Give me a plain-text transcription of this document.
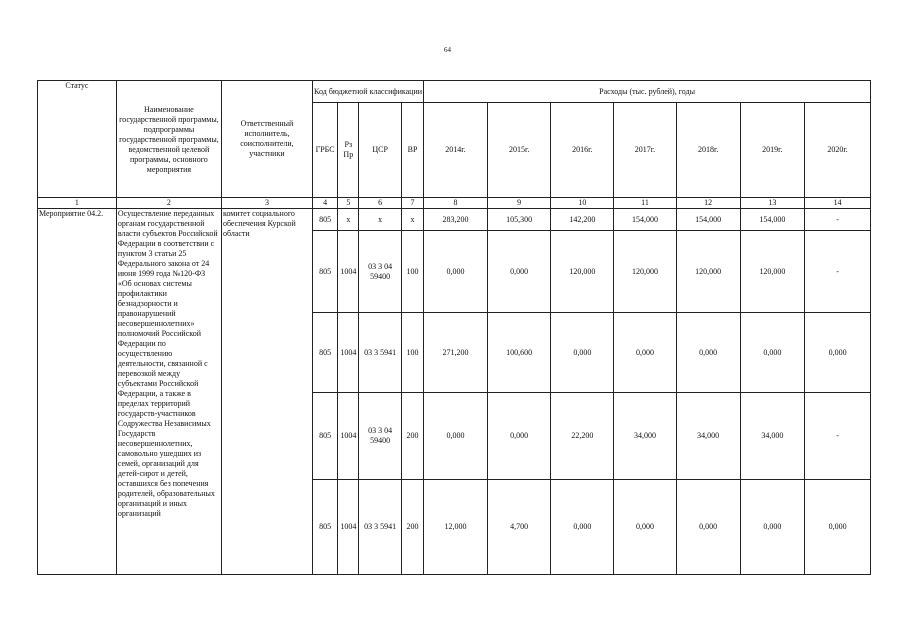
64
Статус	Наименование государственной программы, подпрограммы государственной программы, ведомственной целевой программы, основного мероприятия	Ответственный исполнитель, соисполнители, участники	Код бюджетной классификации				Расходы (тыс. рублей), годы						
			ГРБС	Рз Пр	ЦСР	ВР	2014г.	2015г.	2016г.	2017г.	2018г.	2019г.	2020г.
1	2	3	4	5	6	7	8	9	10	11	12	13	14
Мероприятие 04.2.	Осуществление переданных органам государственной власти субъектов Российской Федерации в соответствии с пунктом 3 статьи 25 Федерального закона от 24 июня 1999 года №120-ФЗ «Об основах системы профилактики безнадзорности и правонарушений несовершеннолетних» полномочий Российской Федерации по осуществлению деятельности, связанной с перевозкой между субъектами Российской Федерации, а также в пределах территорий государств-участников Содружества Независимых Государств несовершеннолетних, самовольно ушедших из семей, организаций для детей-сирот и детей, оставшихся без попечения родителей, образовательных организаций и иных организаций	комитет социального обеспечения Курской области	805	х	х	х	283,200	105,300	142,200	154,000	154,000	154,000	-
			805	1004	03 3 04 59400	100	0,000	0,000	120,000	120,000	120,000	120,000	-
			805	1004	03 3 5941	100	271,200	100,600	0,000	0,000	0,000	0,000	0,000
			805	1004	03 3 04 59400	200	0,000	0,000	22,200	34,000	34,000	34,000	-
			805	1004	03 3 5941	200	12,000	4,700	0,000	0,000	0,000	0,000	0,000
